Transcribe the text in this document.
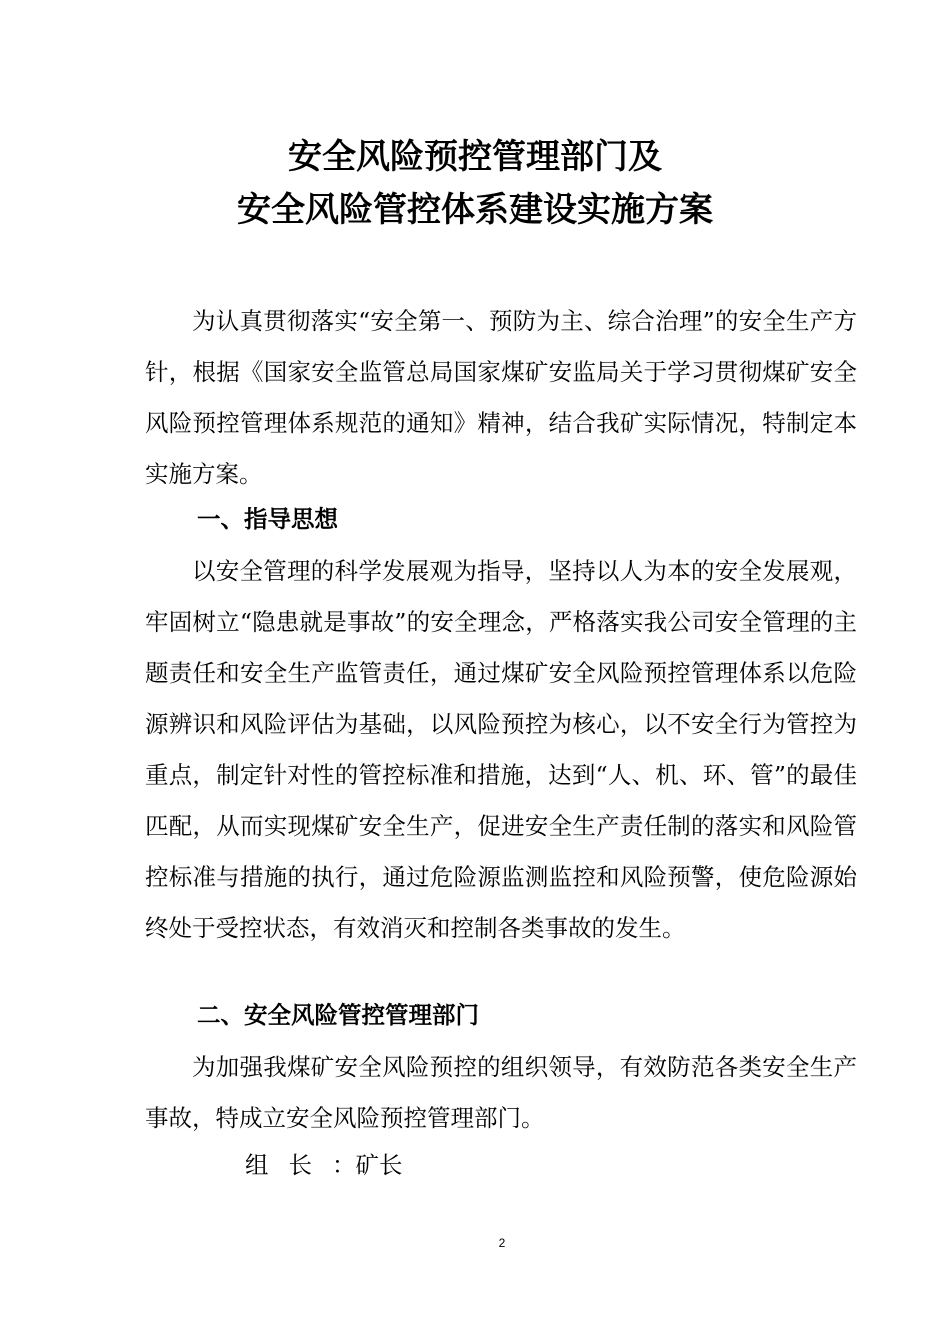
安全风险预控管理部门及
安全风险管控体系建设实施方案

为认真贯彻落实“安全第一、预防为主、综合治理”的安全生产方针，根据《国家安全监管总局国家煤矿安监局关于学习贯彻煤矿安全风险预控管理体系规范的通知》精神，结合我矿实际情况，特制定本实施方案。

一、指导思想

以安全管理的科学发展观为指导，坚持以人为本的安全发展观，牢固树立“隐患就是事故”的安全理念，严格落实我公司安全管理的主题责任和安全生产监管责任，通过煤矿安全风险预控管理体系以危险源辨识和风险评估为基础，以风险预控为核心，以不安全行为管控为重点，制定针对性的管控标准和措施，达到“人、机、环、管”的最佳匹配，从而实现煤矿安全生产，促进安全生产责任制的落实和风险管控标准与措施的执行，通过危险源监测监控和风险预警，使危险源始终处于受控状态，有效消灭和控制各类事故的发生。

二、安全风险管控管理部门

为加强我煤矿安全风险预控的组织领导，有效防范各类安全生产事故，特成立安全风险预控管理部门。

组长：矿长
2
